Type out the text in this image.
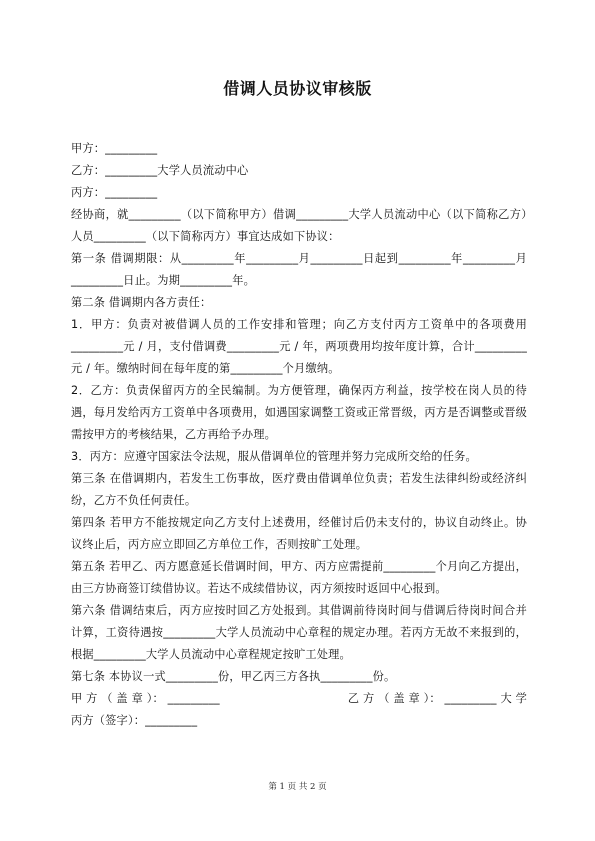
借调人员协议审核版
甲方：_________
乙方：_________大学人员流动中心
丙方：_________
经协商，就_________（以下简称甲方）借调_________大学人员流动中心（以下简称乙方）人员_________（以下简称丙方）事宜达成如下协议：
第一条 借调期限：从_________年_________月_________日起到_________年_________月_________日止。为期_________年。
第二条 借调期内各方责任：
1．甲方：负责对被借调人员的工作安排和管理；向乙方支付丙方工资单中的各项费用_________元 / 月，支付借调费_________元 / 年，两项费用均按年度计算，合计_________元 / 年。缴纳时间在每年度的第_________个月缴纳。
2．乙方：负责保留丙方的全民编制。为方便管理，确保丙方利益，按学校在岗人员的待遇，每月发给丙方工资单中各项费用，如遇国家调整工资或正常晋级，丙方是否调整或晋级需按甲方的考核结果，乙方再给予办理。
3．丙方：应遵守国家法令法规，服从借调单位的管理并努力完成所交给的任务。
第三条 在借调期内，若发生工伤事故，医疗费由借调单位负责；若发生法律纠纷或经济纠纷，乙方不负任何责任。
第四条 若甲方不能按规定向乙方支付上述费用，经催讨后仍未支付的，协议自动终止。协议终止后，丙方应立即回乙方单位工作，否则按旷工处理。
第五条 若甲乙、丙方愿意延长借调时间，甲方、丙方应需提前_________个月向乙方提出，由三方协商签订续借协议。若达不成续借协议，丙方须按时返回中心报到。
第六条 借调结束后，丙方应按时回乙方处报到。其借调前待岗时间与借调后待岗时间合并计算，工资待遇按_________大学人员流动中心章程的规定办理。若丙方无故不来报到的，根据_________大学人员流动中心章程规定按旷工处理。
第七条 本协议一式_________份，甲乙丙三方各执_________份。
甲 方 （ 盖 章 ）： _________	乙 方 （ 盖 章 ）： _________ 大 学
丙方（签字）：_________
第 1 页 共 2 页
